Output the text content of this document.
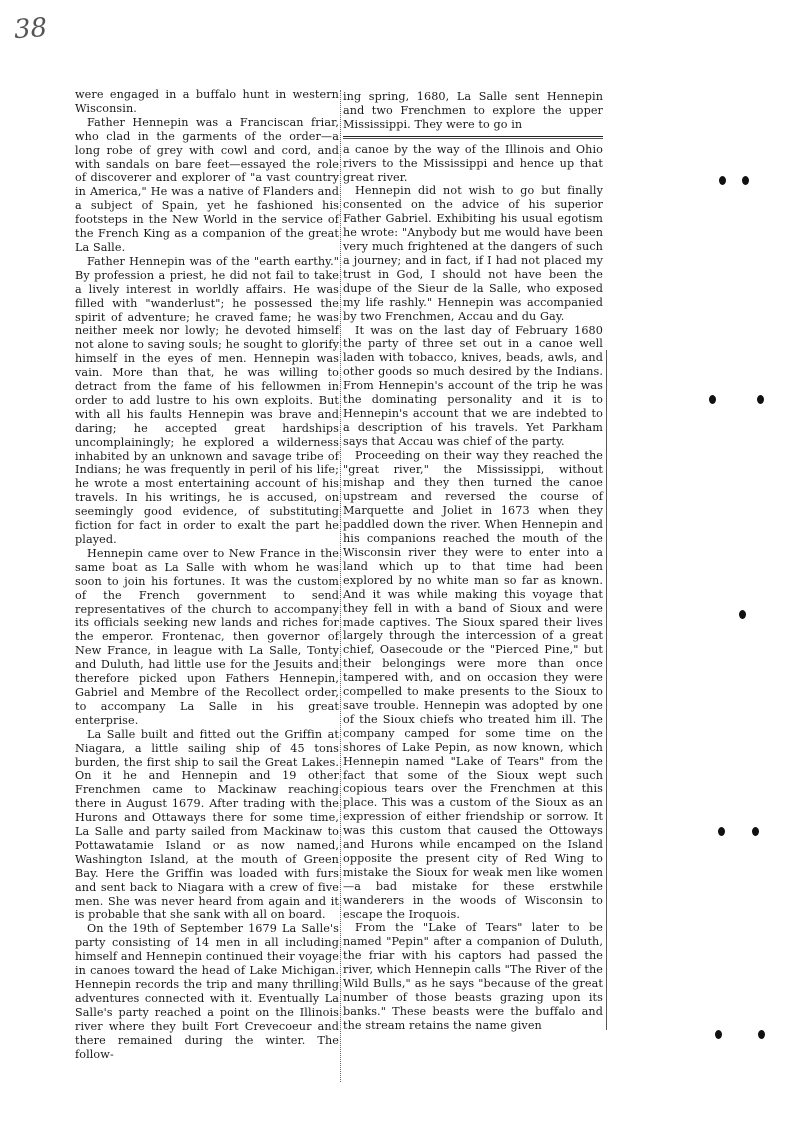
38

were engaged in a buffalo hunt in western Wisconsin.

Father Hennepin was a Franciscan friar, who clad in the garments of the order—a long robe of grey with cowl and cord, and with sandals on bare feet—essayed the role of discoverer and explorer of "a vast country in America," He was a native of Flanders and a subject of Spain, yet he fashioned his footsteps in the New World in the service of the French King as a companion of the great La Salle.

Father Hennepin was of the "earth earthy." By profession a priest, he did not fail to take a lively interest in worldly affairs. He was filled with "wanderlust"; he possessed the spirit of adventure; he craved fame; he was neither meek nor lowly; he devoted himself not alone to saving souls; he sought to glorify himself in the eyes of men. Hennepin was vain. More than that, he was willing to detract from the fame of his fellowmen in order to add lustre to his own exploits. But with all his faults Hennepin was brave and daring; he accepted great hardships uncomplainingly; he explored a wilderness inhabited by an unknown and savage tribe of Indians; he was frequently in peril of his life; he wrote a most entertaining account of his travels. In his writings, he is accused, on seemingly good evidence, of substituting fiction for fact in order to exalt the part he played.

Hennepin came over to New France in the same boat as La Salle with whom he was soon to join his fortunes. It was the custom of the French government to send representatives of the church to accompany its officials seeking new lands and riches for the emperor. Frontenac, then governor of New France, in league with La Salle, Tonty and Duluth, had little use for the Jesuits and therefore picked upon Fathers Hennepin, Gabriel and Membre of the Recollect order, to accompany La Salle in his great enterprise.

La Salle built and fitted out the Griffin at Niagara, a little sailing ship of 45 tons burden, the first ship to sail the Great Lakes. On it he and Hennepin and 19 other Frenchmen came to Mackinaw reaching there in August 1679. After trading with the Hurons and Ottaways there for some time, La Salle and party sailed from Mackinaw to Pottawatamie Island or as now named, Washington Island, at the mouth of Green Bay. Here the Griffin was loaded with furs and sent back to Niagara with a crew of five men. She was never heard from again and it is probable that she sank with all on board.

On the 19th of September 1679 La Salle's party consisting of 14 men in all including himself and Hennepin continued their voyage in canoes toward the head of Lake Michigan. Hennepin records the trip and many thrilling adventures connected with it. Eventually La Salle's party reached a point on the Illinois river where they built Fort Crevecoeur and there remained during the winter. The follow-

ing spring, 1680, La Salle sent Hennepin and two Frenchmen to explore the upper Mississippi. They were to go in

a canoe by the way of the Illinois and Ohio rivers to the Mississippi and hence up that great river.

Hennepin did not wish to go but finally consented on the advice of his superior Father Gabriel. Exhibiting his usual egotism he wrote: "Anybody but me would have been very much frightened at the dangers of such a journey; and in fact, if I had not placed my trust in God, I should not have been the dupe of the Sieur de la Salle, who exposed my life rashly." Hennepin was accompanied by two Frenchmen, Accau and du Gay.

It was on the last day of February 1680 the party of three set out in a canoe well laden with tobacco, knives, beads, awls, and other goods so much desired by the Indians. From Hennepin's account of the trip he was the dominating personality and it is to Hennepin's account that we are indebted to a description of his travels. Yet Parkham says that Accau was chief of the party.

Proceeding on their way they reached the "great river," the Mississippi, without mishap and they then turned the canoe upstream and reversed the course of Marquette and Joliet in 1673 when they paddled down the river. When Hennepin and his companions reached the mouth of the Wisconsin river they were to enter into a land which up to that time had been explored by no white man so far as known. And it was while making this voyage that they fell in with a band of Sioux and were made captives. The Sioux spared their lives largely through the intercession of a great chief, Oasecoude or the "Pierced Pine," but their belongings were more than once tampered with, and on occasion they were compelled to make presents to the Sioux to save trouble. Hennepin was adopted by one of the Sioux chiefs who treated him ill. The company camped for some time on the shores of Lake Pepin, as now known, which Hennepin named "Lake of Tears" from the fact that some of the Sioux wept such copious tears over the Frenchmen at this place. This was a custom of the Sioux as an expression of either friendship or sorrow. It was this custom that caused the Ottoways and Hurons while encamped on the Island opposite the present city of Red Wing to mistake the Sioux for weak men like women—a bad mistake for these erstwhile wanderers in the woods of Wisconsin to escape the Iroquois.

From the "Lake of Tears" later to be named "Pepin" after a companion of Duluth, the friar with his captors had passed the river, which Hennepin calls "The River of the Wild Bulls," as he says "because of the great number of those beasts grazing upon its banks." These beasts were the buffalo and the stream retains the name given
